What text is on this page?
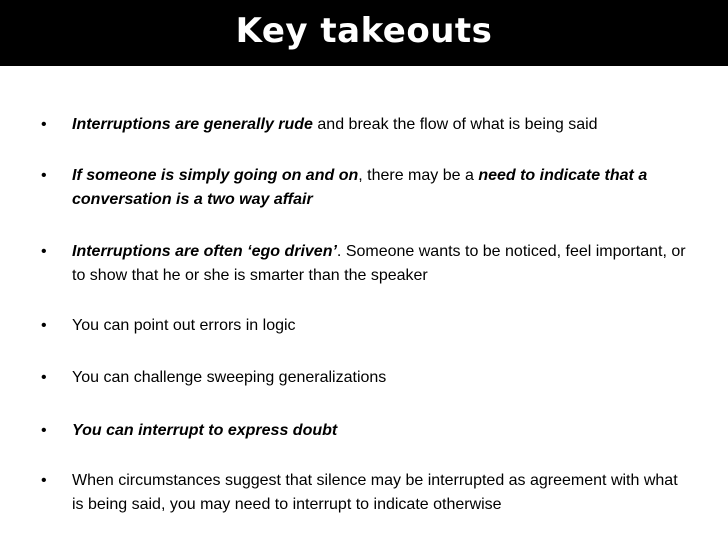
Key takeouts
• Interruptions are generally rude and break the flow of what is being said
• If someone is simply going on and on, there may be a need to indicate that a conversation is a two way affair
• Interruptions are often ‘ego driven’. Someone wants to be noticed, feel important, or to show that he or she is smarter than the speaker
• You can point out errors in logic
• You can challenge sweeping generalizations
• You can interrupt to express doubt
• When circumstances suggest that silence may be interrupted as agreement with what is being said, you may need to interrupt to indicate otherwise
